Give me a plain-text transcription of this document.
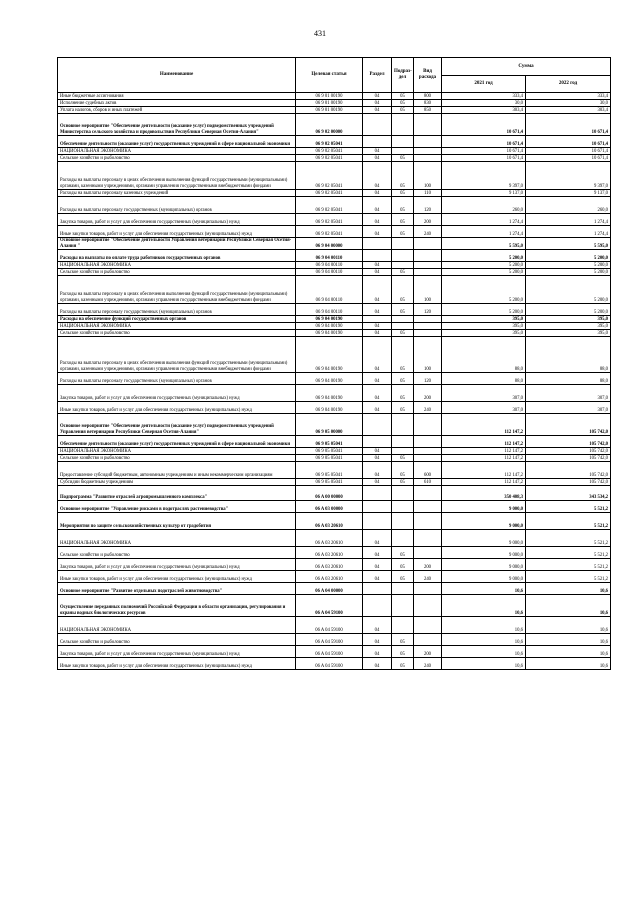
431
Наименование	Целевая статья	Раздел	Подраз-дел	Вид расхода	Сумма	
					2021 год	2022 год
Иные бюджетные ассигнования	06 9 01 00190	04	05	800	333,4	333,4
Исполнение судебных актов	06 9 01 00190	04	05	830	30,0	30,0
Уплата налогов, сборов и иных платежей	06 9 01 00190	04	05	850	303,4	303,4
Основное мероприятие "Обеспечение деятельности (оказание услуг) подведомственных учреждений Министерства сельского хозяйства и продовольствия Республики Северная Осетия-Алания"	06 9 02 00000				10 671,4	10 671,4
Обеспечение деятельности (оказание услуг) государственных учреждений в сфере национальной экономики	06 9 02 05041				10 671,4	10 671,4
НАЦИОНАЛЬНАЯ ЭКОНОМИКА	06 9 02 05041	04			10 671,4	10 671,4
Сельское хозяйство и рыболовство	06 9 02 05041	04	05		10 671,4	10 671,4
Расходы на выплаты персоналу в целях обеспечения выполнения функций государственными (муниципальными) органами, казенными учреждениями, органами управления государственными внебюджетными фондами	06 9 02 05041	04	05	100	9 397,0	9 397,0
Расходы на выплаты персоналу казенных учреждений	06 9 02 05041	04	05	110	9 137,0	9 137,0
Расходы на выплаты персоналу государственных (муниципальных) органов	06 9 02 05041	04	05	120	260,0	260,0
Закупка товаров, работ и услуг для обеспечения государственных (муниципальных) нужд	06 9 02 05041	04	05	200	1 274,4	1 274,4
Иные закупки товаров, работ и услуг для обеспечения государственных (муниципальных) нужд	06 9 02 05041	04	05	240	1 274,4	1 274,4
Основное мероприятие "Обеспечение деятельности Управления ветеринарии Республики Северная Осетия-Алания "	06 9 04 00000				5 595,0	5 595,0
Расходы на выплаты по оплате труда работников государственных органов	06 9 04 00110				5 200,0	5 200,0
НАЦИОНАЛЬНАЯ ЭКОНОМИКА	06 9 04 00110	04			5 200,0	5 200,0
Сельское хозяйство и рыболовство	06 9 04 00110	04	05		5 200,0	5 200,0
Расходы на выплаты персоналу в целях обеспечения выполнения функций государственными (муниципальными) органами, казенными учреждениями, органами управления государственными внебюджетными фондами	06 9 04 00110	04	05	100	5 200,0	5 200,0
Расходы на выплаты персоналу государственных (муниципальных) органов	06 9 04 00110	04	05	120	5 200,0	5 200,0
Расходы на обеспечение функций государственных органов	06 9 04 00190				395,0	395,0
НАЦИОНАЛЬНАЯ ЭКОНОМИКА	06 9 04 00190	04			395,0	395,0
Сельское хозяйство и рыболовство	06 9 04 00190	04	05		395,0	395,0
Расходы на выплаты персоналу в целях обеспечения выполнения функций государственными (муниципальными) органами, казенными учреждениями, органами управления государственными внебюджетными фондами	06 9 04 00190	04	05	100	88,0	88,0
Расходы на выплаты персоналу государственных (муниципальных) органов	06 9 04 00190	04	05	120	88,0	88,0
Закупка товаров, работ и услуг для обеспечения государственных (муниципальных) нужд	06 9 04 00190	04	05	200	307,0	307,0
Иные закупки товаров, работ и услуг для обеспечения государственных (муниципальных) нужд	06 9 04 00190	04	05	240	307,0	307,0
Основное мероприятие "Обеспечение деятельности (оказание услуг) подведомственных учреждений Управления ветеринарии Республики Северная Осетия-Алания"	06 9 05 00000				112 147,2	105 742,0
Обеспечение деятельности (оказание услуг) государственных учреждений в сфере национальной экономики	06 9 05 05041				112 147,2	105 742,0
НАЦИОНАЛЬНАЯ ЭКОНОМИКА	06 9 05 05041	04			112 147,2	105 742,0
Сельское хозяйство и рыболовство	06 9 05 05041	04	05		112 147,2	105 742,0
Предоставление субсидий бюджетным, автономным учреждениям и иным некоммерческим организациям	06 9 05 05041	04	05	600	112 147,2	105 742,0
Субсидии бюджетным учреждениям	06 9 05 05041	04	05	610	112 147,2	105 742,0
Подпрограмма "Развитие отраслей агропромышленного комплекса"	06 A 00 00000				350 408,3	343 534,2
Основное мероприятие "Управление рисками в подотраслях растениеводства"	06 A 03 00000				9 000,0	5 521,2
Мероприятия по защите сельскохозяйственных культур от градобития	06 A 03 20610				9 000,0	5 521,2
НАЦИОНАЛЬНАЯ ЭКОНОМИКА	06 A 03 20610	04			9 000,0	5 521,2
Сельское хозяйство и рыболовство	06 A 03 20610	04	05		9 000,0	5 521,2
Закупка товаров, работ и услуг для обеспечения государственных (муниципальных) нужд	06 A 03 20610	04	05	200	9 000,0	5 521,2
Иные закупки товаров, работ и услуг для обеспечения государственных (муниципальных) нужд	06 A 03 20610	04	05	240	9 000,0	5 521,2
Основное мероприятие "Развитие отдельных подотраслей животноводства"	06 A 04 00000				10,6	10,6
Осуществление переданных полномочий Российской Федерации в области организации, регулирования и охраны водных биологических ресурсов	06 A 04 59100				10,6	10,6
НАЦИОНАЛЬНАЯ ЭКОНОМИКА	06 A 04 59100	04			10,6	10,6
Сельское хозяйство и рыболовство	06 A 04 59100	04	05		10,6	10,6
Закупка товаров, работ и услуг для обеспечения государственных (муниципальных) нужд	06 A 04 59100	04	05	200	10,6	10,6
Иные закупки товаров, работ и услуг для обеспечения государственных (муниципальных) нужд	06 A 04 59100	04	05	240	10,6	10,6
